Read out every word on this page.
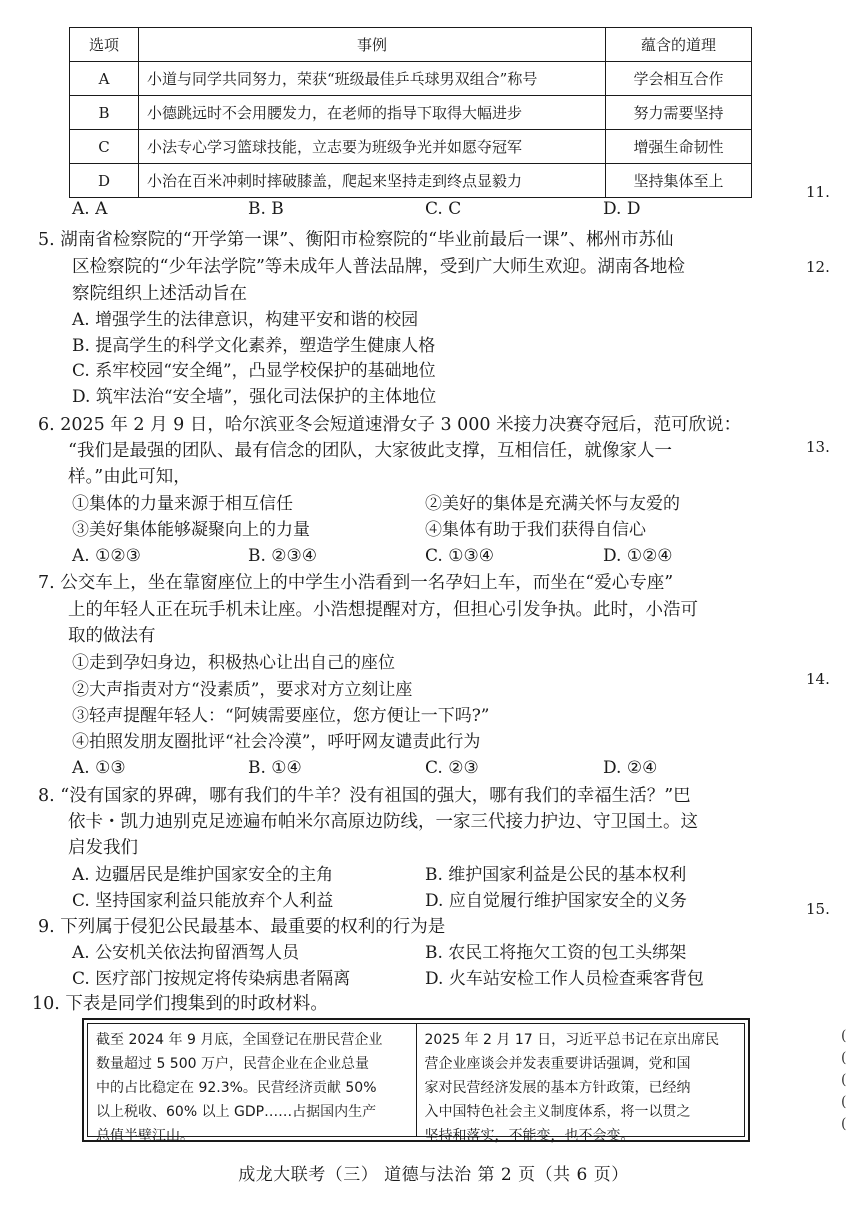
选项	事例	蕴含的道理
A	小道与同学共同努力，荣获“班级最佳乒乓球男双组合”称号	学会相互合作
B	小德跳远时不会用腰发力，在老师的指导下取得大幅进步	努力需要坚持
C	小法专心学习篮球技能，立志要为班级争光并如愿夺冠军	增强生命韧性
D	小治在百米冲刺时摔破膝盖，爬起来坚持走到终点显毅力	坚持集体至上
A. A	B. B	C. C	D. D
5. 湖南省检察院的“开学第一课”、衡阳市检察院的“毕业前最后一课”、郴州市苏仙
区检察院的“少年法学院”等未成年人普法品牌，受到广大师生欢迎。湖南各地检
察院组织上述活动旨在
A. 增强学生的法律意识，构建平安和谐的校园
B. 提高学生的科学文化素养，塑造学生健康人格
C. 系牢校园“安全绳”，凸显学校保护的基础地位
D. 筑牢法治“安全墙”，强化司法保护的主体地位
6. 2025 年 2 月 9 日，哈尔滨亚冬会短道速滑女子 3 000 米接力决赛夺冠后，范可欣说：
“我们是最强的团队、最有信念的团队，大家彼此支撑，互相信任，就像家人一
样。”由此可知，
①集体的力量来源于相互信任	②美好的集体是充满关怀与友爱的
③美好集体能够凝聚向上的力量	④集体有助于我们获得自信心
A. ①②③	B. ②③④	C. ①③④	D. ①②④
7. 公交车上，坐在靠窗座位上的中学生小浩看到一名孕妇上车，而坐在“爱心专座”
上的年轻人正在玩手机未让座。小浩想提醒对方，但担心引发争执。此时，小浩可
取的做法有
①走到孕妇身边，积极热心让出自己的座位
②大声指责对方“没素质”，要求对方立刻让座
③轻声提醒年轻人：“阿姨需要座位，您方便让一下吗?”
④拍照发朋友圈批评“社会冷漠”，呼吁网友谴责此行为
A. ①③	B. ①④	C. ②③	D. ②④
8. “没有国家的界碑，哪有我们的牛羊？没有祖国的强大，哪有我们的幸福生活？”巴
依卡・凯力迪别克足迹遍布帕米尔高原边防线，一家三代接力护边、守卫国土。这
启发我们
A. 边疆居民是维护国家安全的主角	B. 维护国家利益是公民的基本权利
C. 坚持国家利益只能放弃个人利益	D. 应自觉履行维护国家安全的义务
9. 下列属于侵犯公民最基本、最重要的权利的行为是
A. 公安机关依法拘留酒驾人员	B. 农民工将拖欠工资的包工头绑架
C. 医疗部门按规定将传染病患者隔离	D. 火车站安检工作人员检查乘客背包
10. 下表是同学们搜集到的时政材料。
截至 2024 年 9 月底，全国登记在册民营企业
数量超过 5 500 万户，民营企业在企业总量
中的占比稳定在 92.3%。民营经济贡献 50%
以上税收、60% 以上 GDP……占据国内生产
总值半壁江山。
2025 年 2 月 17 日，习近平总书记在京出席民
营企业座谈会并发表重要讲话强调，党和国
家对民营经济发展的基本方针政策，已经纳
入中国特色社会主义制度体系，将一以贯之
坚持和落实，不能变，也不会变。
11.
12.
13.
14.
15.
(
(
(
(
(
成龙大联考（三） 道德与法治 第 2 页（共 6 页）
